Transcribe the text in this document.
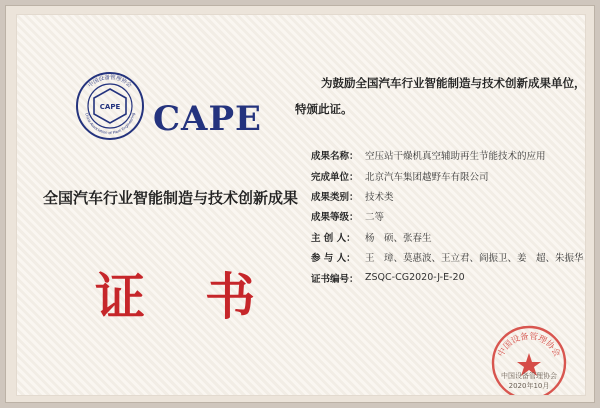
CAPE
中国设备管理协会
China Association of Plant Engineering CAPE
全国汽车行业智能制造与技术创新成果
证书
为鼓励全国汽车行业智能制造与技术创新成果单位，
特颁此证。
成果名称： 空压站干燥机真空辅助再生节能技术的应用
完成单位： 北京汽车集团越野车有限公司
成果类别： 技术类
成果等级： 二等
主 创 人： 杨　硕、张春生
参 与 人： 王　璋、莫惠波、王立君、阎振卫、姜　超、朱振华
证书编号： ZSQC-CG2020-J-E-20
中国设备管理协会
中国设备管理协会
2020年10月
